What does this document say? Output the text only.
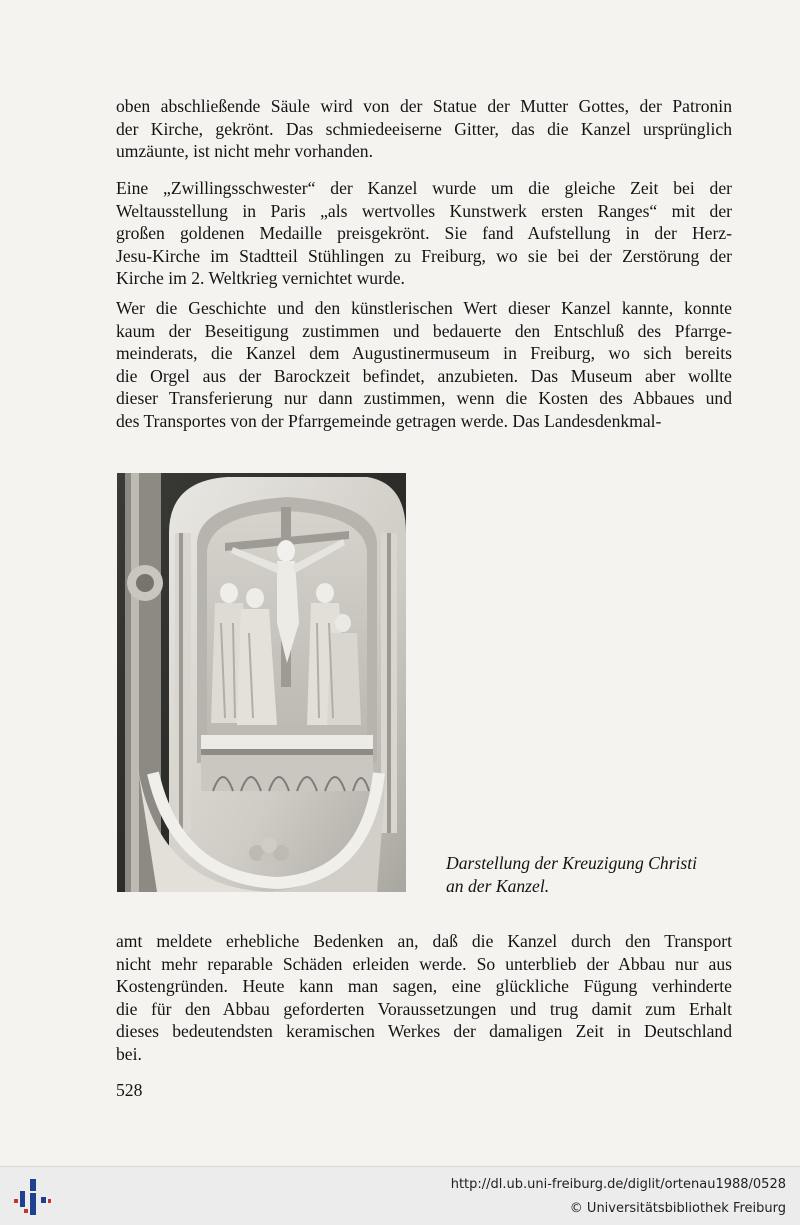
oben abschließende Säule wird von der Statue der Mutter Gottes, der Patronin
der Kirche, gekrönt. Das schmiedeeiserne Gitter, das die Kanzel ursprünglich
umzäunte, ist nicht mehr vorhanden.
Eine „Zwillingsschwester“ der Kanzel wurde um die gleiche Zeit bei der
Weltausstellung in Paris „als wertvolles Kunstwerk ersten Ranges“ mit der
großen goldenen Medaille preisgekrönt. Sie fand Aufstellung in der Herz-
Jesu-Kirche im Stadtteil Stühlingen zu Freiburg, wo sie bei der Zerstörung der
Kirche im 2. Weltkrieg vernichtet wurde.
Wer die Geschichte und den künstlerischen Wert dieser Kanzel kannte, konnte
kaum der Beseitigung zustimmen und bedauerte den Entschluß des Pfarrge-
meinderats, die Kanzel dem Augustinermuseum in Freiburg, wo sich bereits
die Orgel aus der Barockzeit befindet, anzubieten. Das Museum aber wollte
dieser Transferierung nur dann zustimmen, wenn die Kosten des Abbaues und
des Transportes von der Pfarrgemeinde getragen werde. Das Landesdenkmal-
Darstellung der Kreuzigung Christi
an der Kanzel.
amt meldete erhebliche Bedenken an, daß die Kanzel durch den Transport
nicht mehr reparable Schäden erleiden werde. So unterblieb der Abbau nur aus
Kostengründen. Heute kann man sagen, eine glückliche Fügung verhinderte
die für den Abbau geforderten Voraussetzungen und trug damit zum Erhalt
dieses bedeutendsten keramischen Werkes der damaligen Zeit in Deutschland
bei.
528
http://dl.ub.uni-freiburg.de/diglit/ortenau1988/0528
© Universitätsbibliothek Freiburg
